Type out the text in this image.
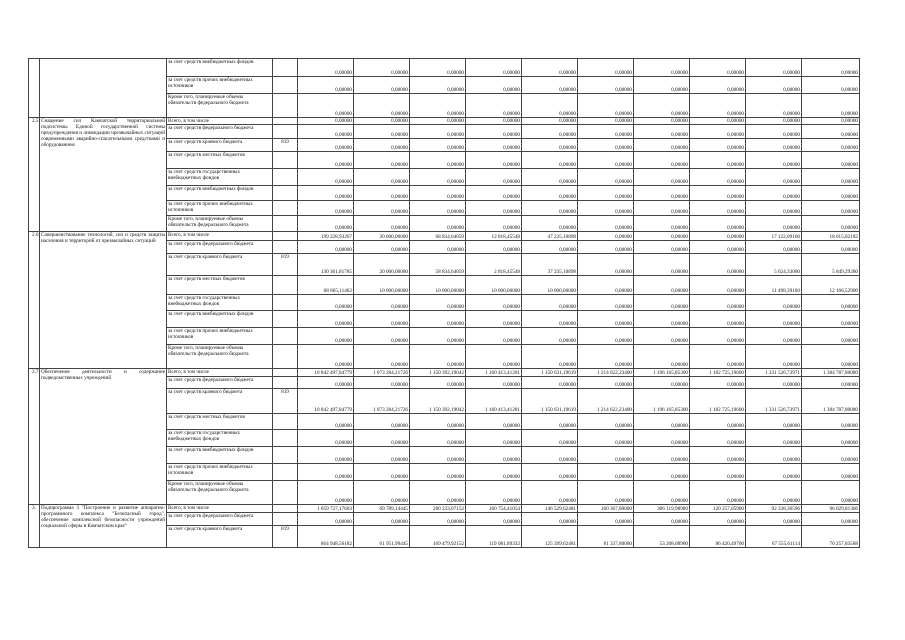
		за счет средств внебюджетных фондов		0,00000	0,00000	0,00000	0,00000	0,00000	0,00000	0,00000	0,00000	0,00000	0,00000
		за счет средств прочих внебюджетных источников		0,00000	0,00000	0,00000	0,00000	0,00000	0,00000	0,00000	0,00000	0,00000	0,00000
		Кроме того, планируемые объемы обязательств федерального бюджета		0,00000	0,00000	0,00000	0,00000	0,00000	0,00000	0,00000	0,00000	0,00000	0,00000
2.5	Снащение сил Камчатской территориальной подсистемы Единой государственной системы предупреждения и ликвидации чрезвычайных ситуаций современными аварийно-спасательными средствами и оборудованием	Всего, в том числе		0,00000	0,00000	0,00000	0,00000	0,00000	0,00000	0,00000	0,00000	0,00000	0,00000
		за счет средств федерального бюджета		0,00000	0,00000	0,00000	0,00000	0,00000	0,00000	0,00000	0,00000	0,00000	0,00000
		за счет средств краевого бюджета	819	0,00000	0,00000	0,00000	0,00000	0,00000	0,00000	0,00000	0,00000	0,00000	0,00000
		за счет средств местных бюджетов		0,00000	0,00000	0,00000	0,00000	0,00000	0,00000	0,00000	0,00000	0,00000	0,00000
		за счет средств государственных внебюджетных фондов		0,00000	0,00000	0,00000	0,00000	0,00000	0,00000	0,00000	0,00000	0,00000	0,00000
		за счет средств внебюджетных фондов		0,00000	0,00000	0,00000	0,00000	0,00000	0,00000	0,00000	0,00000	0,00000	0,00000
		за счет средств прочих внебюджетных источников		0,00000	0,00000	0,00000	0,00000	0,00000	0,00000	0,00000	0,00000	0,00000	0,00000
		Кроме того, планируемые объемы обязательств федерального бюджета		0,00000	0,00000	0,00000	0,00000	0,00000	0,00000	0,00000	0,00000	0,00000	0,00000
2.6	Совершенствование технологий, сил и средств защиты населения и территорий от чрезвычайных ситуаций	Всего, в том числе		199 228,93267	30 000,00000	68 834,64059	12 818,45548	47 235,10898	0,00000	0,00000	0,00000	17 122,09160	18 015,82182
		за счет средств федерального бюджета		0,00000	0,00000	0,00000	0,00000	0,00000	0,00000	0,00000	0,00000	0,00000	0,00000
		за счет средств краевого бюджета	819	130 361,81785	20 000,00000	58 834,64059	2 818,45548	37 235,10898	0,00000	0,00000	0,00000	5 624,33000	5 849,29280
		за счет средств местных бюджетов		68 865,11462	10 000,00000	10 000,00000	10 000,00000	10 000,00000	0,00000	0,00000	0,00000	11 498,39160	12 166,52900
		за счет средств государственных внебюджетных фондов		0,00000	0,00000	0,00000	0,00000	0,00000	0,00000	0,00000	0,00000	0,00000	0,00000
		за счет средств внебюджетных фондов		0,00000	0,00000	0,00000	0,00000	0,00000	0,00000	0,00000	0,00000	0,00000	0,00000
		за счет средств прочих внебюджетных источников		0,00000	0,00000	0,00000	0,00000	0,00000	0,00000	0,00000	0,00000	0,00000	0,00000
		Кроме того, планируемые объемы обязательств федерального бюджета		0,00000	0,00000	0,00000	0,00000	0,00000	0,00000	0,00000	0,00000	0,00000	0,00000
2.7	Обеспечение деятельности и содержание подведомственных учреждений	Всего, в том числе		10 842 497,84779	1 073 284,21726	1 150 392,19042	1 160 413,41281	1 150 631,19619	1 214 622,23400	1 196 165,85300	1 182 725,19600	1 331 526,73971	1 384 787,80080
		за счет средств федерального бюджета		0,00000	0,00000	0,00000	0,00000	0,00000	0,00000	0,00000	0,00000	0,00000	0,00000
		за счет средств краевого бюджета	819	10 842 497,84779	1 073 284,21726	1 150 392,19042	1 160 413,41281	1 150 631,19619	1 214 622,23400	1 196 165,85300	1 182 725,19600	1 331 526,73971	1 384 787,80080
		за счет средств местных бюджетов		0,00000	0,00000	0,00000	0,00000	0,00000	0,00000	0,00000	0,00000	0,00000	0,00000
		за счет средств государственных внебюджетных фондов		0,00000	0,00000	0,00000	0,00000	0,00000	0,00000	0,00000	0,00000	0,00000	0,00000
		за счет средств внебюджетных фондов		0,00000	0,00000	0,00000	0,00000	0,00000	0,00000	0,00000	0,00000	0,00000	0,00000
		за счет средств прочих внебюджетных источников		0,00000	0,00000	0,00000	0,00000	0,00000	0,00000	0,00000	0,00000	0,00000	0,00000
		Кроме того, планируемые объемы обязательств федерального бюджета		0,00000	0,00000	0,00000	0,00000	0,00000	0,00000	0,00000	0,00000	0,00000	0,00000
3.	Подпрограмма 3 "Построение и развитие аппаратно-программного комплекса "Безопасный город", обеспечение комплексной безопасности учреждений социальной сферы в Камчатском крае"	Всего, в том числе		1 059 727,17603	69 789,14445	280 233,07152	160 754,41054	146 529,62481	160 367,80000	306 119,98900	120 257,05900	92 338,36596	96 029,81366
		за счет средств федерального бюджета		0,00000	0,00000	0,00000	0,00000	0,00000	0,00000	0,00000	0,00000	0,00000	0,00000
		за счет средств краевого бюджета	819	864 948,56182	61 951,99445	169 479,92152	119 081,89332	125 399,62481	81 337,80000	53 208,08900	86 420,49700	67 555,61114	70 257,83588
